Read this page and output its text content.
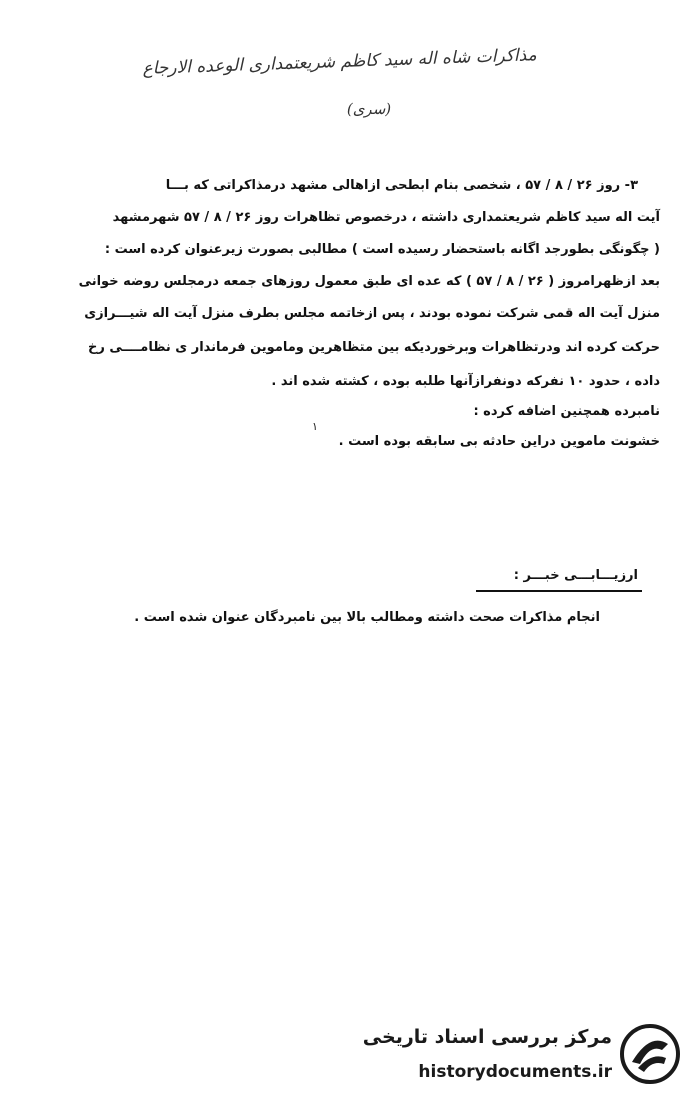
مذاکرات شاه اله سید کاظم شریعتمداری الوعده الارجاع
(سری)
۳- روز ۲۶ / ۸ / ۵۷ ، شخصی بنام ابطحی ازاهالی مشهد درمذاکراتی که بـــا
آیت اله سید کاظم شریعتمداری داشته ، درخصوص تظاهرات روز ۲۶ / ۸ / ۵۷ شهرمشهد
( چگونگی بطورجد اگانه باستحضار رسیده است ) مطالبی بصورت زیرعنوان کرده است :
بعد ازظهرامروز ( ۲۶ / ۸ / ۵۷ ) که عده ای طبق معمول روزهای جمعه درمجلس روضه خوانی
منزل آیت اله قمی شرکت نموده بودند ، پس ازخاتمه مجلس بطرف منزل آیت اله شیـــرازی
حرکت کرده اند ودرتظاهرات وبرخوردیکه بین متظاهرین وماموین فرماندار ی نظامــــی رخ
داده ، حدود ۱۰ نفرکه دونفرازآنها طلبه بوده ، کشته شده اند .
نامبرده همچنین اضافه کرده :
۱
خشونت ماموین دراین حادثه بی سابقه بوده است .
ارزیـــابـــی خبـــر :
انجام مذاکرات صحت داشته ومطالب بالا بین نامبردگان عنوان شده است .
مرکز بررسی اسناد تاریخی
historydocuments.ir
